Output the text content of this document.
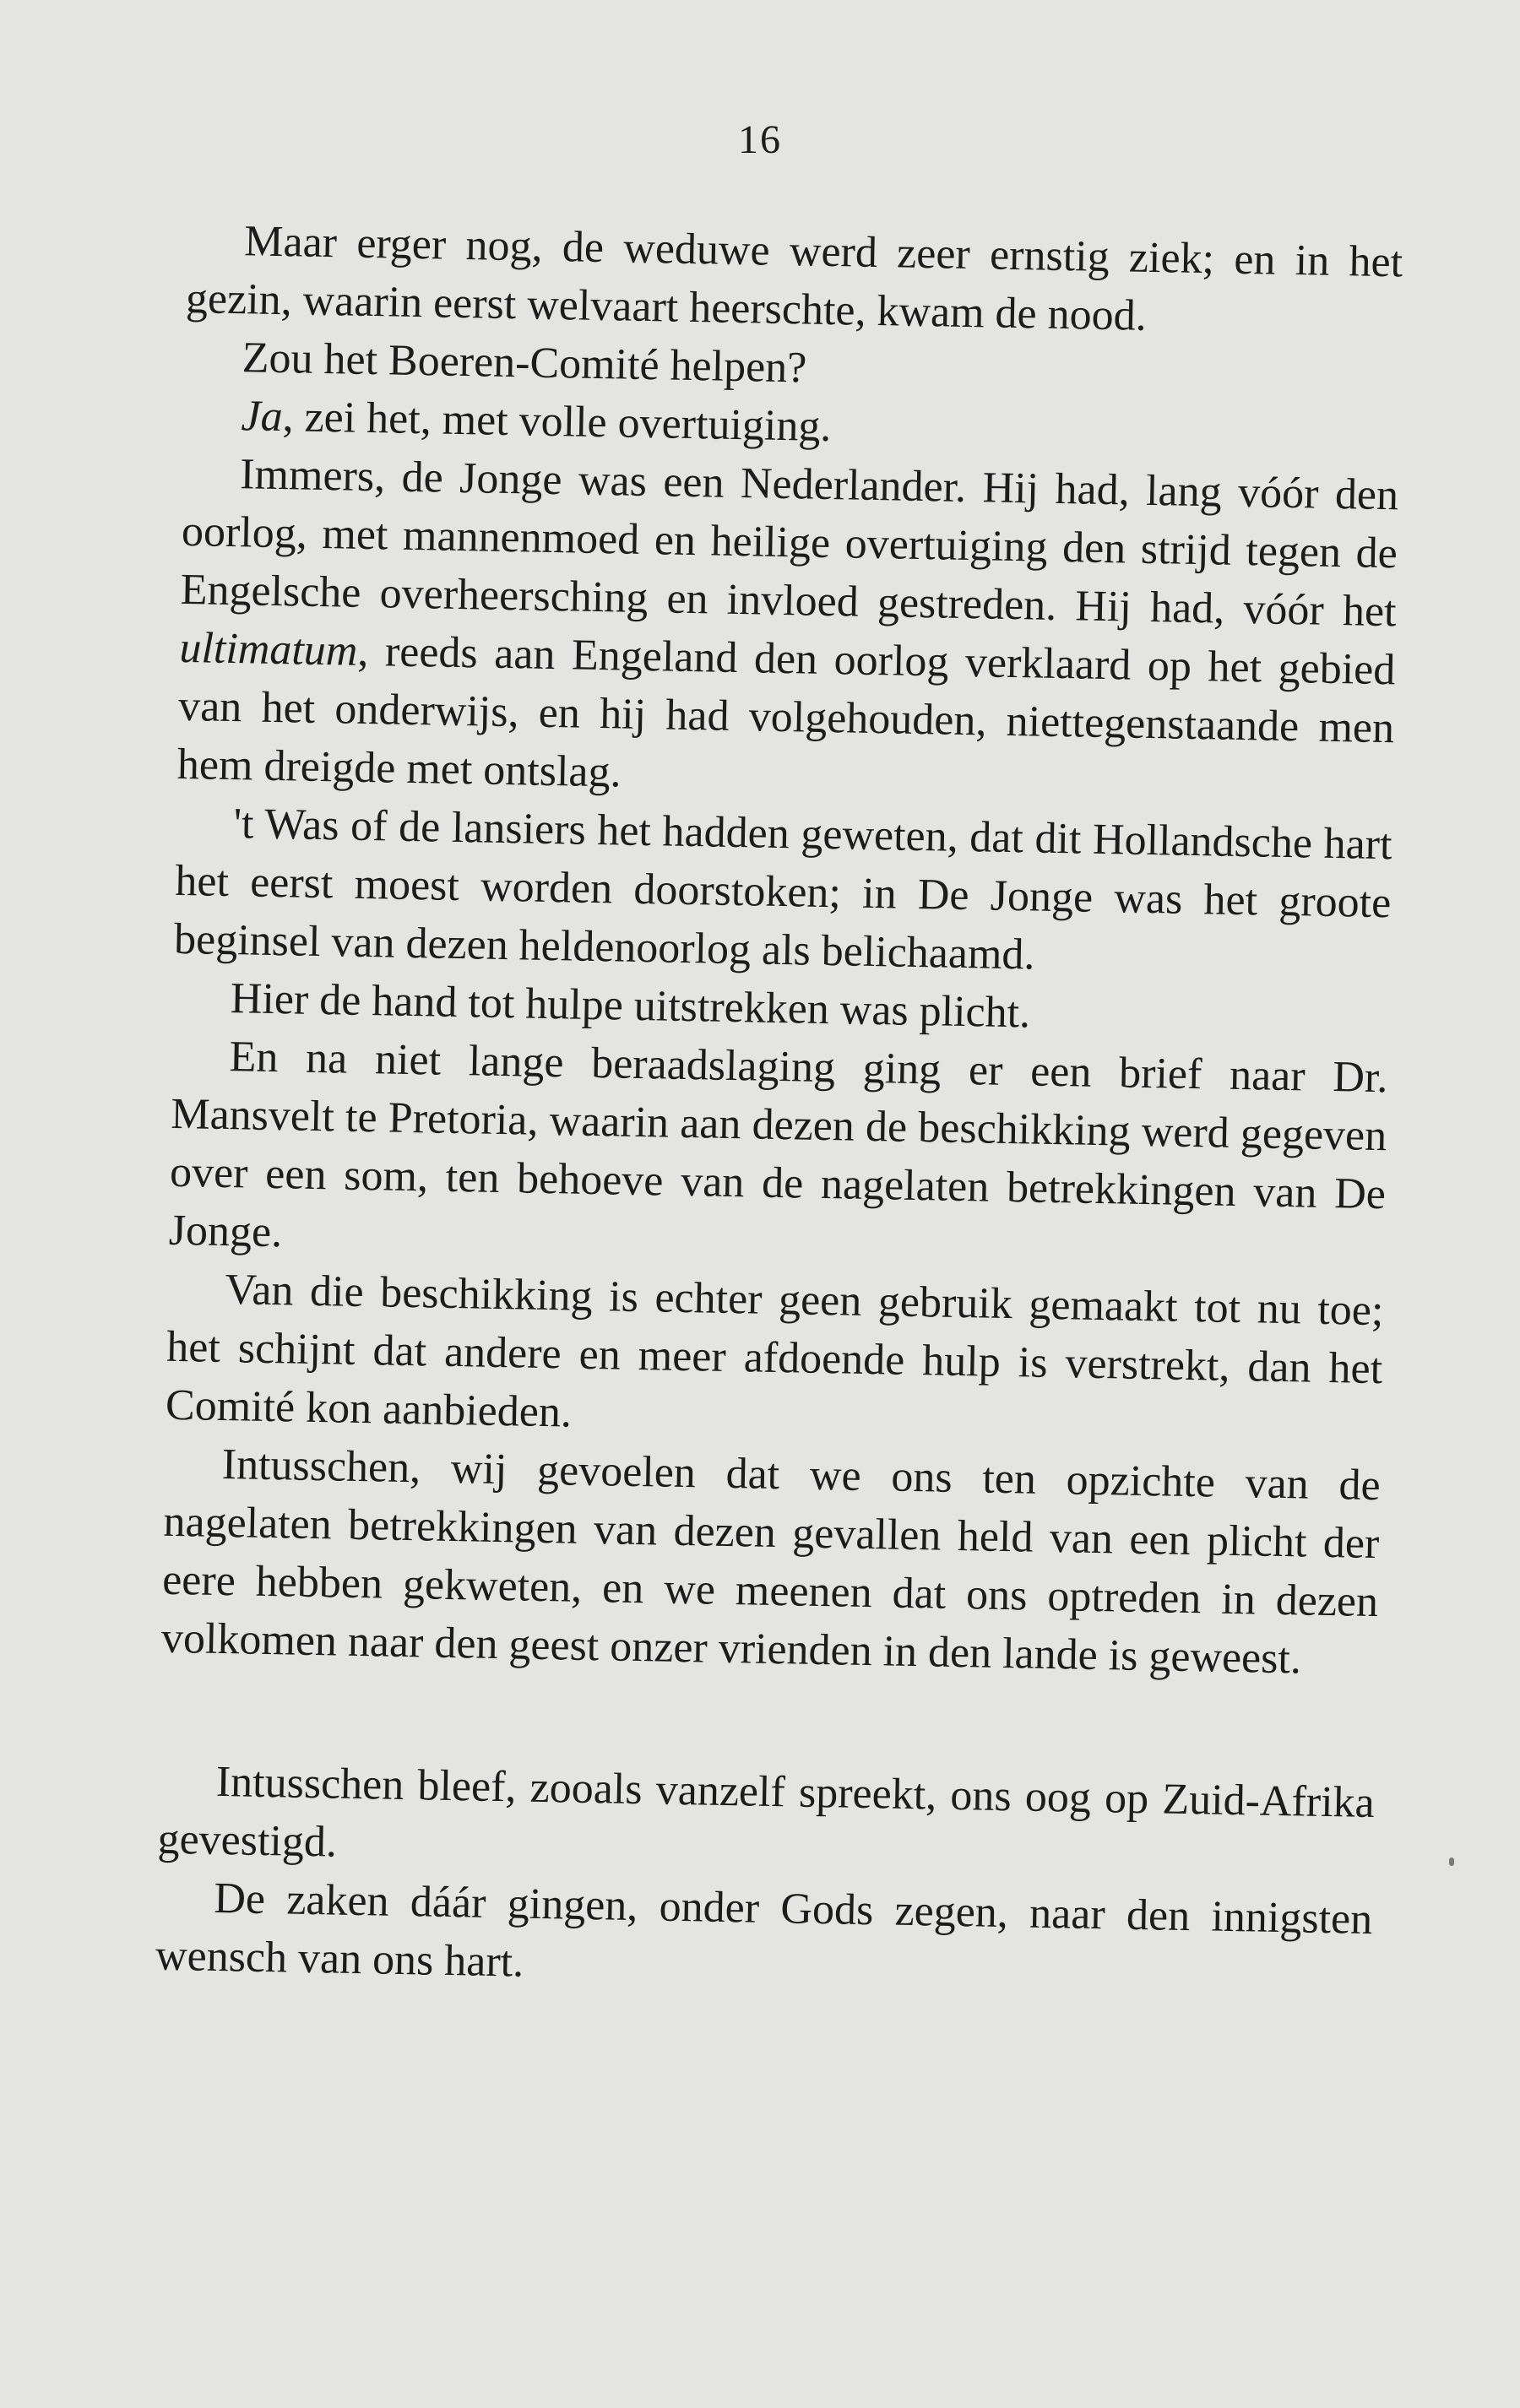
16

Maar erger nog, de weduwe werd zeer ernstig ziek; en in het gezin, waarin eerst welvaart heerschte, kwam de nood.

Zou het Boeren-Comité helpen?

Ja, zei het, met volle overtuiging.

Immers, de Jonge was een Nederlander. Hij had, lang vóór den oorlog, met mannenmoed en heilige overtuiging den strijd tegen de Engelsche overheersching en invloed gestreden. Hij had, vóór het ultimatum, reeds aan Engeland den oorlog verklaard op het gebied van het onderwijs, en hij had volgehouden, niettegenstaande men hem dreigde met ontslag.

't Was of de lansiers het hadden geweten, dat dit Hollandsche hart het eerst moest worden doorstoken; in De Jonge was het groote beginsel van dezen heldenoorlog als belichaamd.

Hier de hand tot hulpe uitstrekken was plicht.

En na niet lange beraadslaging ging er een brief naar Dr. Mansvelt te Pretoria, waarin aan dezen de beschikking werd gegeven over een som, ten behoeve van de nagelaten betrekkingen van De Jonge.

Van die beschikking is echter geen gebruik gemaakt tot nu toe; het schijnt dat andere en meer afdoende hulp is verstrekt, dan het Comité kon aanbieden.

Intusschen, wij gevoelen dat we ons ten opzichte van de nagelaten betrekkingen van dezen gevallen held van een plicht der eere hebben gekweten, en we meenen dat ons optreden in dezen volkomen naar den geest onzer vrienden in den lande is geweest.

Intusschen bleef, zooals vanzelf spreekt, ons oog op Zuid-Afrika gevestigd.

De zaken dáár gingen, onder Gods zegen, naar den innigsten wensch van ons hart.
